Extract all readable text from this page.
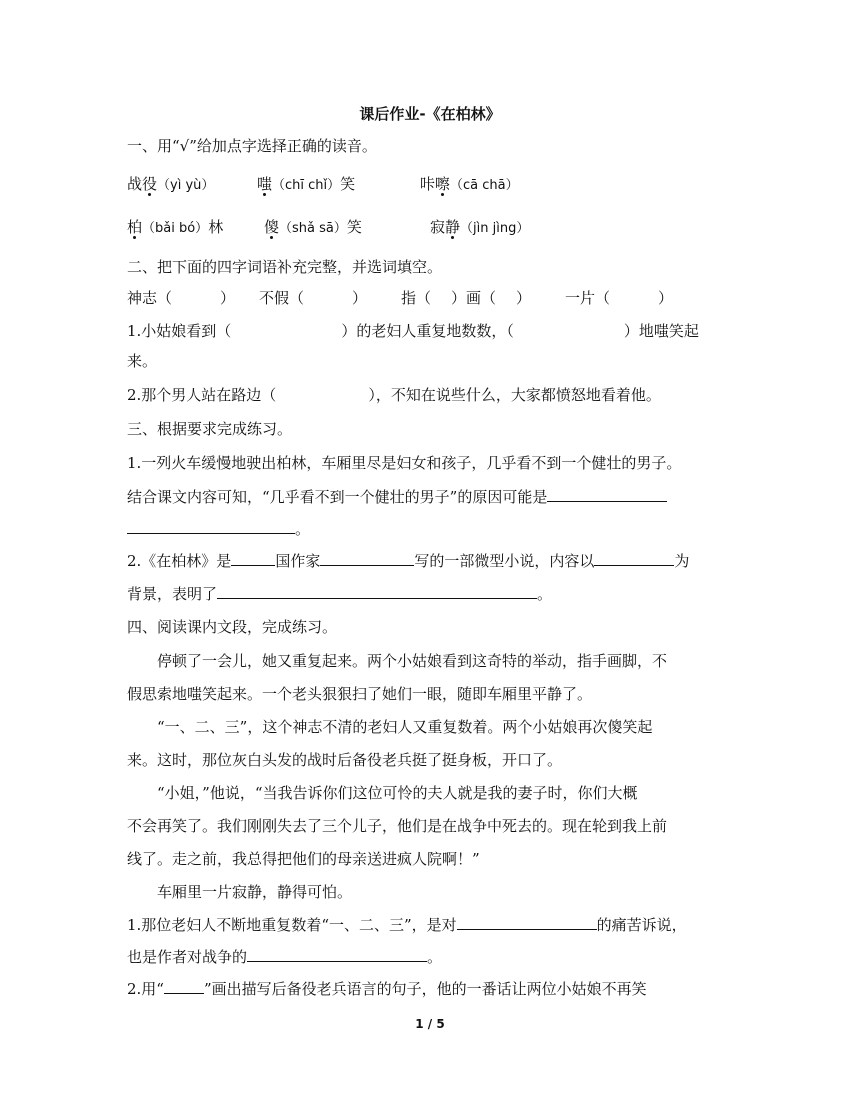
课后作业-《在柏林》
一、用“√”给加点字选择正确的读音。
战役（yì yù）	嗤（chī chǐ）笑	咔嚓（cā chā）
柏（bǎi bó）林	傻（shǎ sā）笑	寂静（jìn jìng）
二、把下面的四字词语补充完整，并选词填空。
神志（	） 不假（	） 指（ ）画（ ） 一片（	）
1.小姑娘看到（	）的老妇人重复地数数，（	）地嗤笑起
来。
2.那个男人站在路边（	），不知在说些什么，大家都愤怒地看着他。
三、根据要求完成练习。
1.一列火车缓慢地驶出柏林，车厢里尽是妇女和孩子，几乎看不到一个健壮的男子。
结合课文内容可知，“几乎看不到一个健壮的男子”的原因可能是
。
2.《在柏林》是	国作家	写的一部微型小说，内容以	为
背景，表明了	。
四、阅读课内文段，完成练习。
停顿了一会儿，她又重复起来。两个小姑娘看到这奇特的举动，指手画脚，不
假思索地嗤笑起来。一个老头狠狠扫了她们一眼，随即车厢里平静了。
“一、二、三”，这个神志不清的老妇人又重复数着。两个小姑娘再次傻笑起
来。这时，那位灰白头发的战时后备役老兵挺了挺身板，开口了。
“小姐，”他说，“当我告诉你们这位可怜的夫人就是我的妻子时，你们大概
不会再笑了。我们刚刚失去了三个儿子，他们是在战争中死去的。现在轮到我上前
线了。走之前，我总得把他们的母亲送进疯人院啊！”
车厢里一片寂静，静得可怕。
1.那位老妇人不断地重复数着“一、二、三”，是对	的痛苦诉说，
也是作者对战争的	。
2.用“	”画出描写后备役老兵语言的句子，他的一番话让两位小姑娘不再笑
1 / 5
